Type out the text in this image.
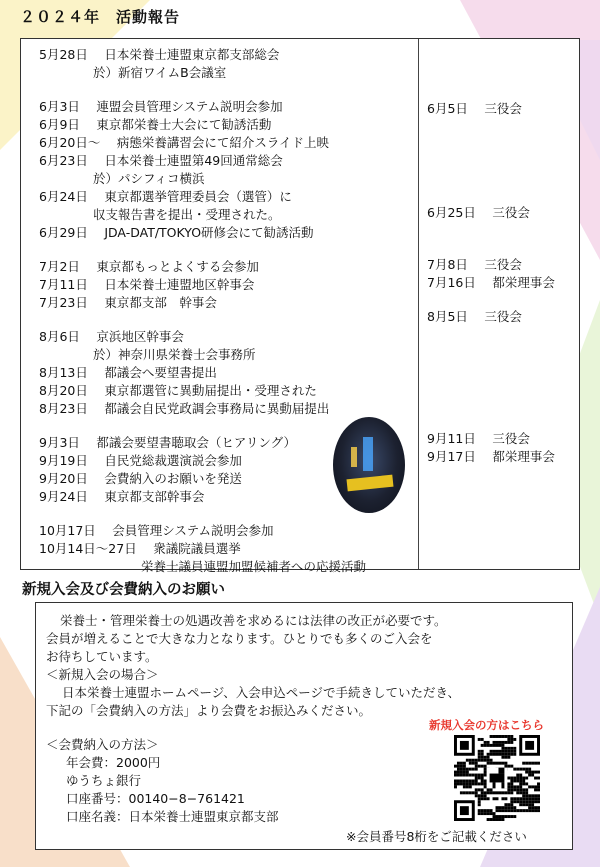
２０２４年　活動報告
5月28日　 日本栄養士連盟東京都支部総会
於）新宿ワイムB会議室
6月3日　 連盟会員管理システム説明会参加
6月9日　 東京都栄養士大会にて勧誘活動
6月20日～　 病態栄養講習会にて紹介スライド上映
6月23日　 日本栄養士連盟第49回通常総会
於）パシフィコ横浜
6月24日　 東京都選挙管理委員会（選管）に
収支報告書を提出・受理された。
6月29日　 JDA-DAT/TOKYO研修会にて勧誘活動
7月2日　 東京都もっとよくする会参加
7月11日　 日本栄養士連盟地区幹事会
7月23日　 東京都支部　幹事会
8月6日　 京浜地区幹事会
於）神奈川県栄養士会事務所
8月13日　 都議会へ要望書提出
8月20日　 東京都選管に異動届提出・受理された
8月23日　 都議会自民党政調会事務局に異動届提出
9月3日　 都議会要望書聴取会（ヒアリング）
9月19日　 自民党総裁選演説会参加
9月20日　 会費納入のお願いを発送
9月24日　 東京都支部幹事会
10月17日　 会員管理システム説明会参加
10月14日～27日　 衆議院議員選挙
栄養士議員連盟加盟候補者への応援活動
6月5日　 三役会
6月25日　 三役会
7月8日　 三役会
7月16日　 都栄理事会
8月5日　 三役会
9月11日　 三役会
9月17日　 都栄理事会
新規入会及び会費納入のお願い
新規入会の方はこちら
栄養士・管理栄養士の処遇改善を求めるには法律の改正が必要です。
会員が増えることで大きな力となります。ひとりでも多くのご入会を
お待ちしています。
＜新規入会の場合＞
日本栄養士連盟ホームページ、入会申込ページで手続きしていただき、
下記の「会費納入の方法」より会費をお振込みください。
＜会費納入の方法＞
年会費：2000円
ゆうちょ銀行
口座番号：00140−8−761421
口座名義：日本栄養士連盟東京都支部
※会員番号8桁をご記載ください
